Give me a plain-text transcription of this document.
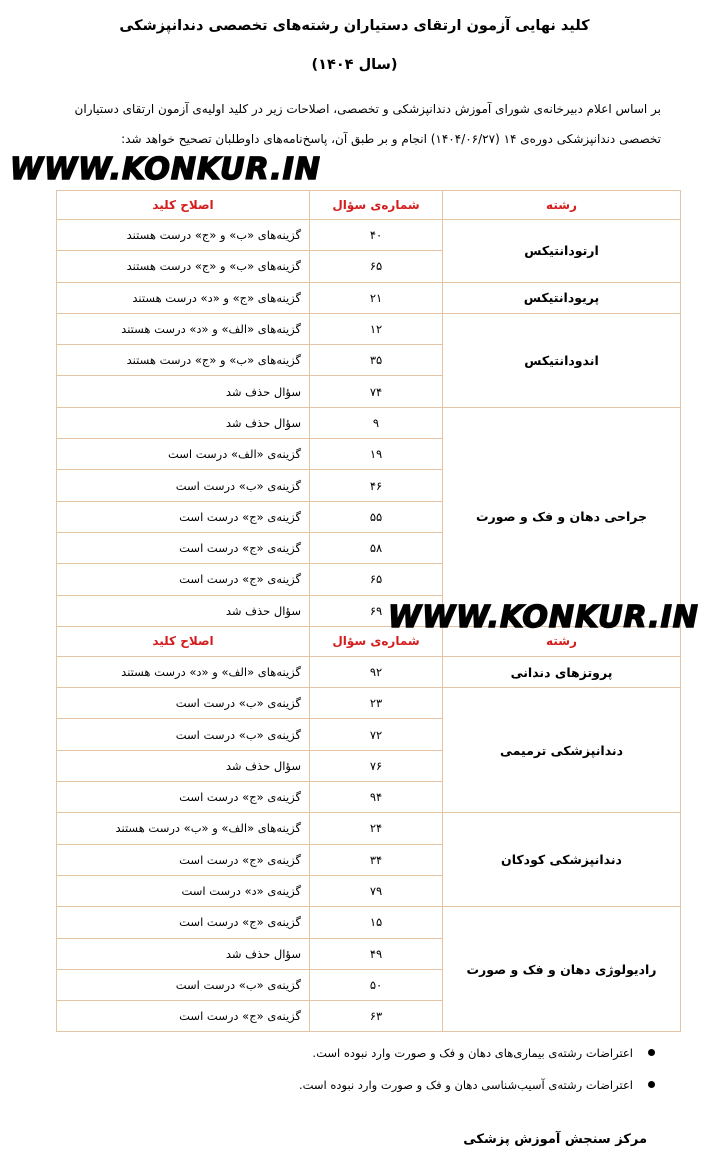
کلید نهایی آزمون ارتقای دستیاران رشته‌های تخصصی دندانپزشکی
(سال ۱۴۰۴)
بر اساس اعلام دبیرخانه‌ی شورای آموزش دندانپزشکی و تخصصی، اصلاحات زیر در کلید اولیه‌ی آزمون ارتقای دستیاران
تخصصی دندانپزشکی دوره‌ی ۱۴ (۱۴۰۴/۰۶/۲۷) انجام و بر طبق آن، پاسخ‌نامه‌های داوطلبان تصحیح خواهد شد:
رشته	شماره‌ی سؤال	اصلاح کلید
ارتودانتیکس	۴۰	گزینه‌های «ب» و «ج» درست هستند
	۶۵	گزینه‌های «ب» و «ج» درست هستند
پریودانتیکس	۲۱	گزینه‌های «ج» و «د» درست هستند
اندودانتیکس	۱۲	گزینه‌های «الف» و «د» درست هستند
	۳۵	گزینه‌های «ب» و «ج» درست هستند
	۷۴	سؤال حذف شد
جراحی دهان و فک و صورت	۹	سؤال حذف شد
	۱۹	گزینه‌ی «الف» درست است
	۴۶	گزینه‌ی «ب» درست است
	۵۵	گزینه‌ی «ج» درست است
	۵۸	گزینه‌ی «ج» درست است
	۶۵	گزینه‌ی «ج» درست است
	۶۹	سؤال حذف شد
رشته	شماره‌ی سؤال	اصلاح کلید
پروتزهای دندانی	۹۲	گزینه‌های «الف» و «د» درست هستند
دندانپزشکی ترمیمی	۲۳	گزینه‌ی «ب» درست است
	۷۲	گزینه‌ی «ب» درست است
	۷۶	سؤال حذف شد
	۹۴	گزینه‌ی «ج» درست است
دندانپزشکی کودکان	۲۴	گزینه‌های «الف» و «ب» درست هستند
	۳۴	گزینه‌ی «ج» درست است
	۷۹	گزینه‌ی «د» درست است
رادیولوژی دهان و فک و صورت	۱۵	گزینه‌ی «ج» درست است
	۴۹	سؤال حذف شد
	۵۰	گزینه‌ی «ب» درست است
	۶۳	گزینه‌ی «ج» درست است
WWW.KONKUR.IN
WWW.KONKUR.IN
اعتراضات رشته‌ی بیماری‌های دهان و فک و صورت وارد نبوده است.
اعتراضات رشته‌ی آسیب‌شناسی دهان و فک و صورت وارد نبوده است.
مرکز سنجش آموزش پزشکی
